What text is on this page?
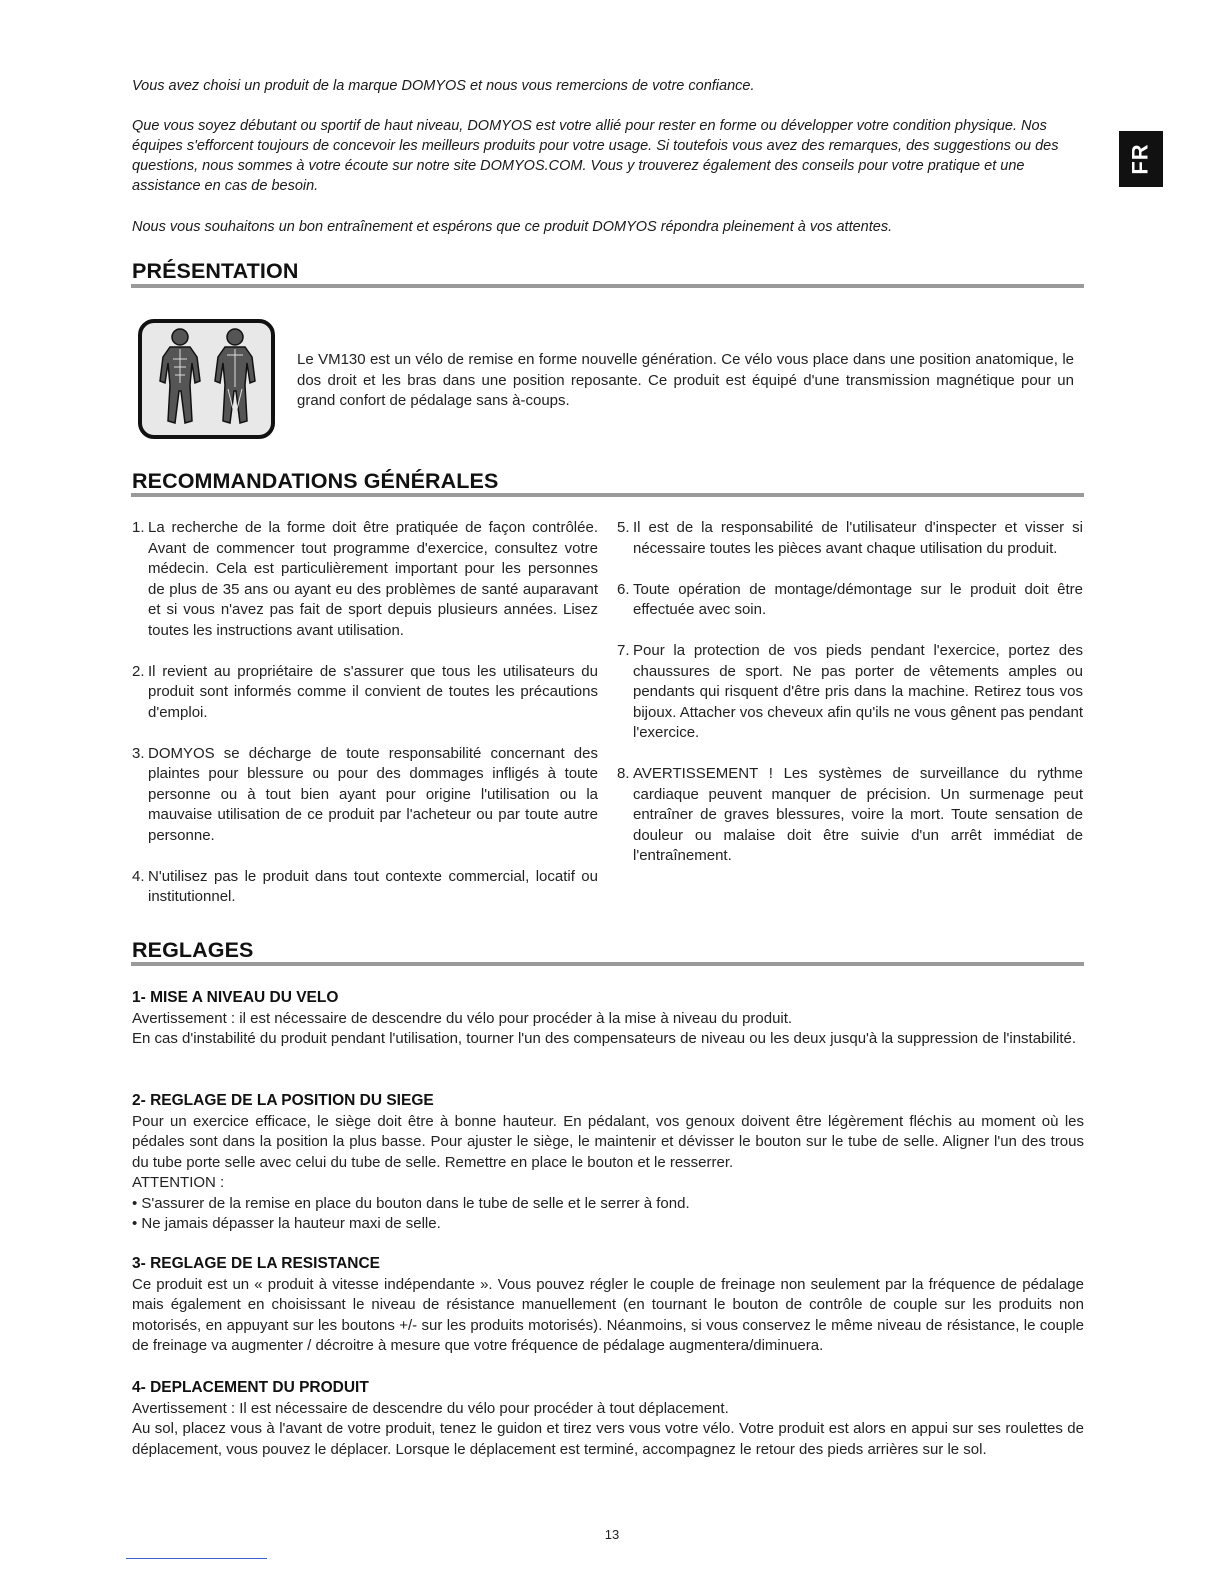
FR

Vous avez choisi un produit de la marque DOMYOS et nous vous remercions de votre confiance.

Que vous soyez débutant ou sportif de haut niveau, DOMYOS est votre allié pour rester en forme ou développer votre condition physique. Nos équipes s'efforcent toujours de concevoir les meilleurs produits pour votre usage. Si toutefois vous avez des remarques, des suggestions ou des questions, nous sommes à votre écoute sur notre site DOMYOS.COM. Vous y trouverez également des conseils pour votre pratique et une assistance en cas de besoin.

Nous vous souhaitons un bon entraînement et espérons que ce produit DOMYOS répondra pleinement à vos attentes.

PRÉSENTATION
Le VM130 est un vélo de remise en forme nouvelle génération. Ce vélo vous place dans une position anatomique, le dos droit et les bras dans une position reposante. Ce produit est équipé d'une transmission magnétique pour un grand confort de pédalage sans à-coups.
RECOMMANDATIONS GÉNÉRALES
1. La recherche de la forme doit être pratiquée de façon contrôlée. Avant de commencer tout programme d'exercice, consultez votre médecin. Cela est particulièrement important pour les personnes de plus de 35 ans ou ayant eu des problèmes de santé auparavant et si vous n'avez pas fait de sport depuis plusieurs années. Lisez toutes les instructions avant utilisation.
2. Il revient au propriétaire de s'assurer que tous les utilisateurs du produit sont informés comme il convient de toutes les précautions d'emploi.
3. DOMYOS se décharge de toute responsabilité concernant des plaintes pour blessure ou pour des dommages infligés à toute personne ou à tout bien ayant pour origine l'utilisation ou la mauvaise utilisation de ce produit par l'acheteur ou par toute autre personne.
4. N'utilisez pas le produit dans tout contexte commercial, locatif ou institutionnel.
5. Il est de la responsabilité de l'utilisateur d'inspecter et visser si nécessaire toutes les pièces avant chaque utilisation du produit.
6. Toute opération de montage/démontage sur le produit doit être effectuée avec soin.
7. Pour la protection de vos pieds pendant l'exercice, portez des chaussures de sport. Ne pas porter de vêtements amples ou pendants qui risquent d'être pris dans la machine. Retirez tous vos bijoux. Attacher vos cheveux afin qu'ils ne vous gênent pas pendant l'exercice.
8. AVERTISSEMENT ! Les systèmes de surveillance du rythme cardiaque peuvent manquer de précision. Un surmenage peut entraîner de graves blessures, voire la mort. Toute sensation de douleur ou malaise doit être suivie d'un arrêt immédiat de l'entraînement.
REGLAGES
1- MISE A NIVEAU DU VELO

Avertissement : il est nécessaire de descendre du vélo pour procéder à la mise à niveau du produit.

En cas d'instabilité du produit pendant l'utilisation, tourner l'un des compensateurs de niveau ou les deux jusqu'à la suppression de l'instabilité.

2- REGLAGE DE LA POSITION DU SIEGE

Pour un exercice efficace, le siège doit être à bonne hauteur. En pédalant, vos genoux doivent être légèrement fléchis au moment où les pédales sont dans la position la plus basse. Pour ajuster le siège, le maintenir et dévisser le bouton sur le tube de selle. Aligner l'un des trous du tube porte selle avec celui du tube de selle. Remettre en place le bouton et le resserrer.

ATTENTION :

• S'assurer de la remise en place du bouton dans le tube de selle et le serrer à fond.

• Ne jamais dépasser la hauteur maxi de selle.

3- REGLAGE DE LA RESISTANCE

Ce produit est un « produit à vitesse indépendante ». Vous pouvez régler le couple de freinage non seulement par la fréquence de pédalage mais également en choisissant le niveau de résistance manuellement (en tournant le bouton de contrôle de couple sur les produits non motorisés, en appuyant sur les boutons +/- sur les produits motorisés). Néanmoins, si vous conservez le même niveau de résistance, le couple de freinage va augmenter / décroitre à mesure que votre fréquence de pédalage augmentera/diminuera.

4- DEPLACEMENT DU PRODUIT

Avertissement : Il est nécessaire de descendre du vélo pour procéder à tout déplacement.

Au sol, placez vous à l'avant de votre produit, tenez le guidon et tirez vers vous votre vélo. Votre produit est alors en appui sur ses roulettes de déplacement, vous pouvez le déplacer. Lorsque le déplacement est terminé, accompagnez le retour des pieds arrières sur le sol.

13
